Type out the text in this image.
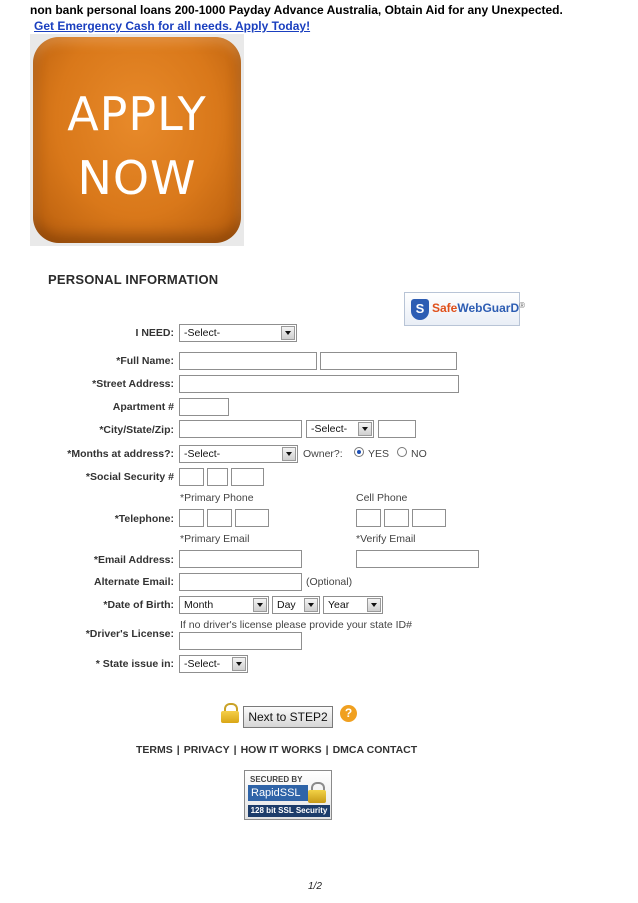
non bank personal loans 200-1000 Payday Advance Australia, Obtain Aid for any Unexpected.
Get Emergency Cash for all needs. Apply Today!
APPLY
NOW
PERSONAL INFORMATION
S SafeWebGuarD®
I NEED: -Select-
*Full Name:
*Street Address:
Apartment #
*City/State/Zip:	-Select-
*Months at address?: -Select-	Owner?: YES NO
*Social Security #
*Primary Phone	Cell Phone
*Telephone:
*Primary Email	*Verify Email
*Email Address:
Alternate Email:	(Optional)
*Date of Birth: Month	Day	Year
If no driver's license please provide your state ID#
*Driver's License:
* State issue in: -Select-
Next to STEP2	?
TERMS | PRIVACY | HOW IT WORKS | DMCA CONTACT
SECURED BY
RapidSSL
128 bit SSL Security
1/2
